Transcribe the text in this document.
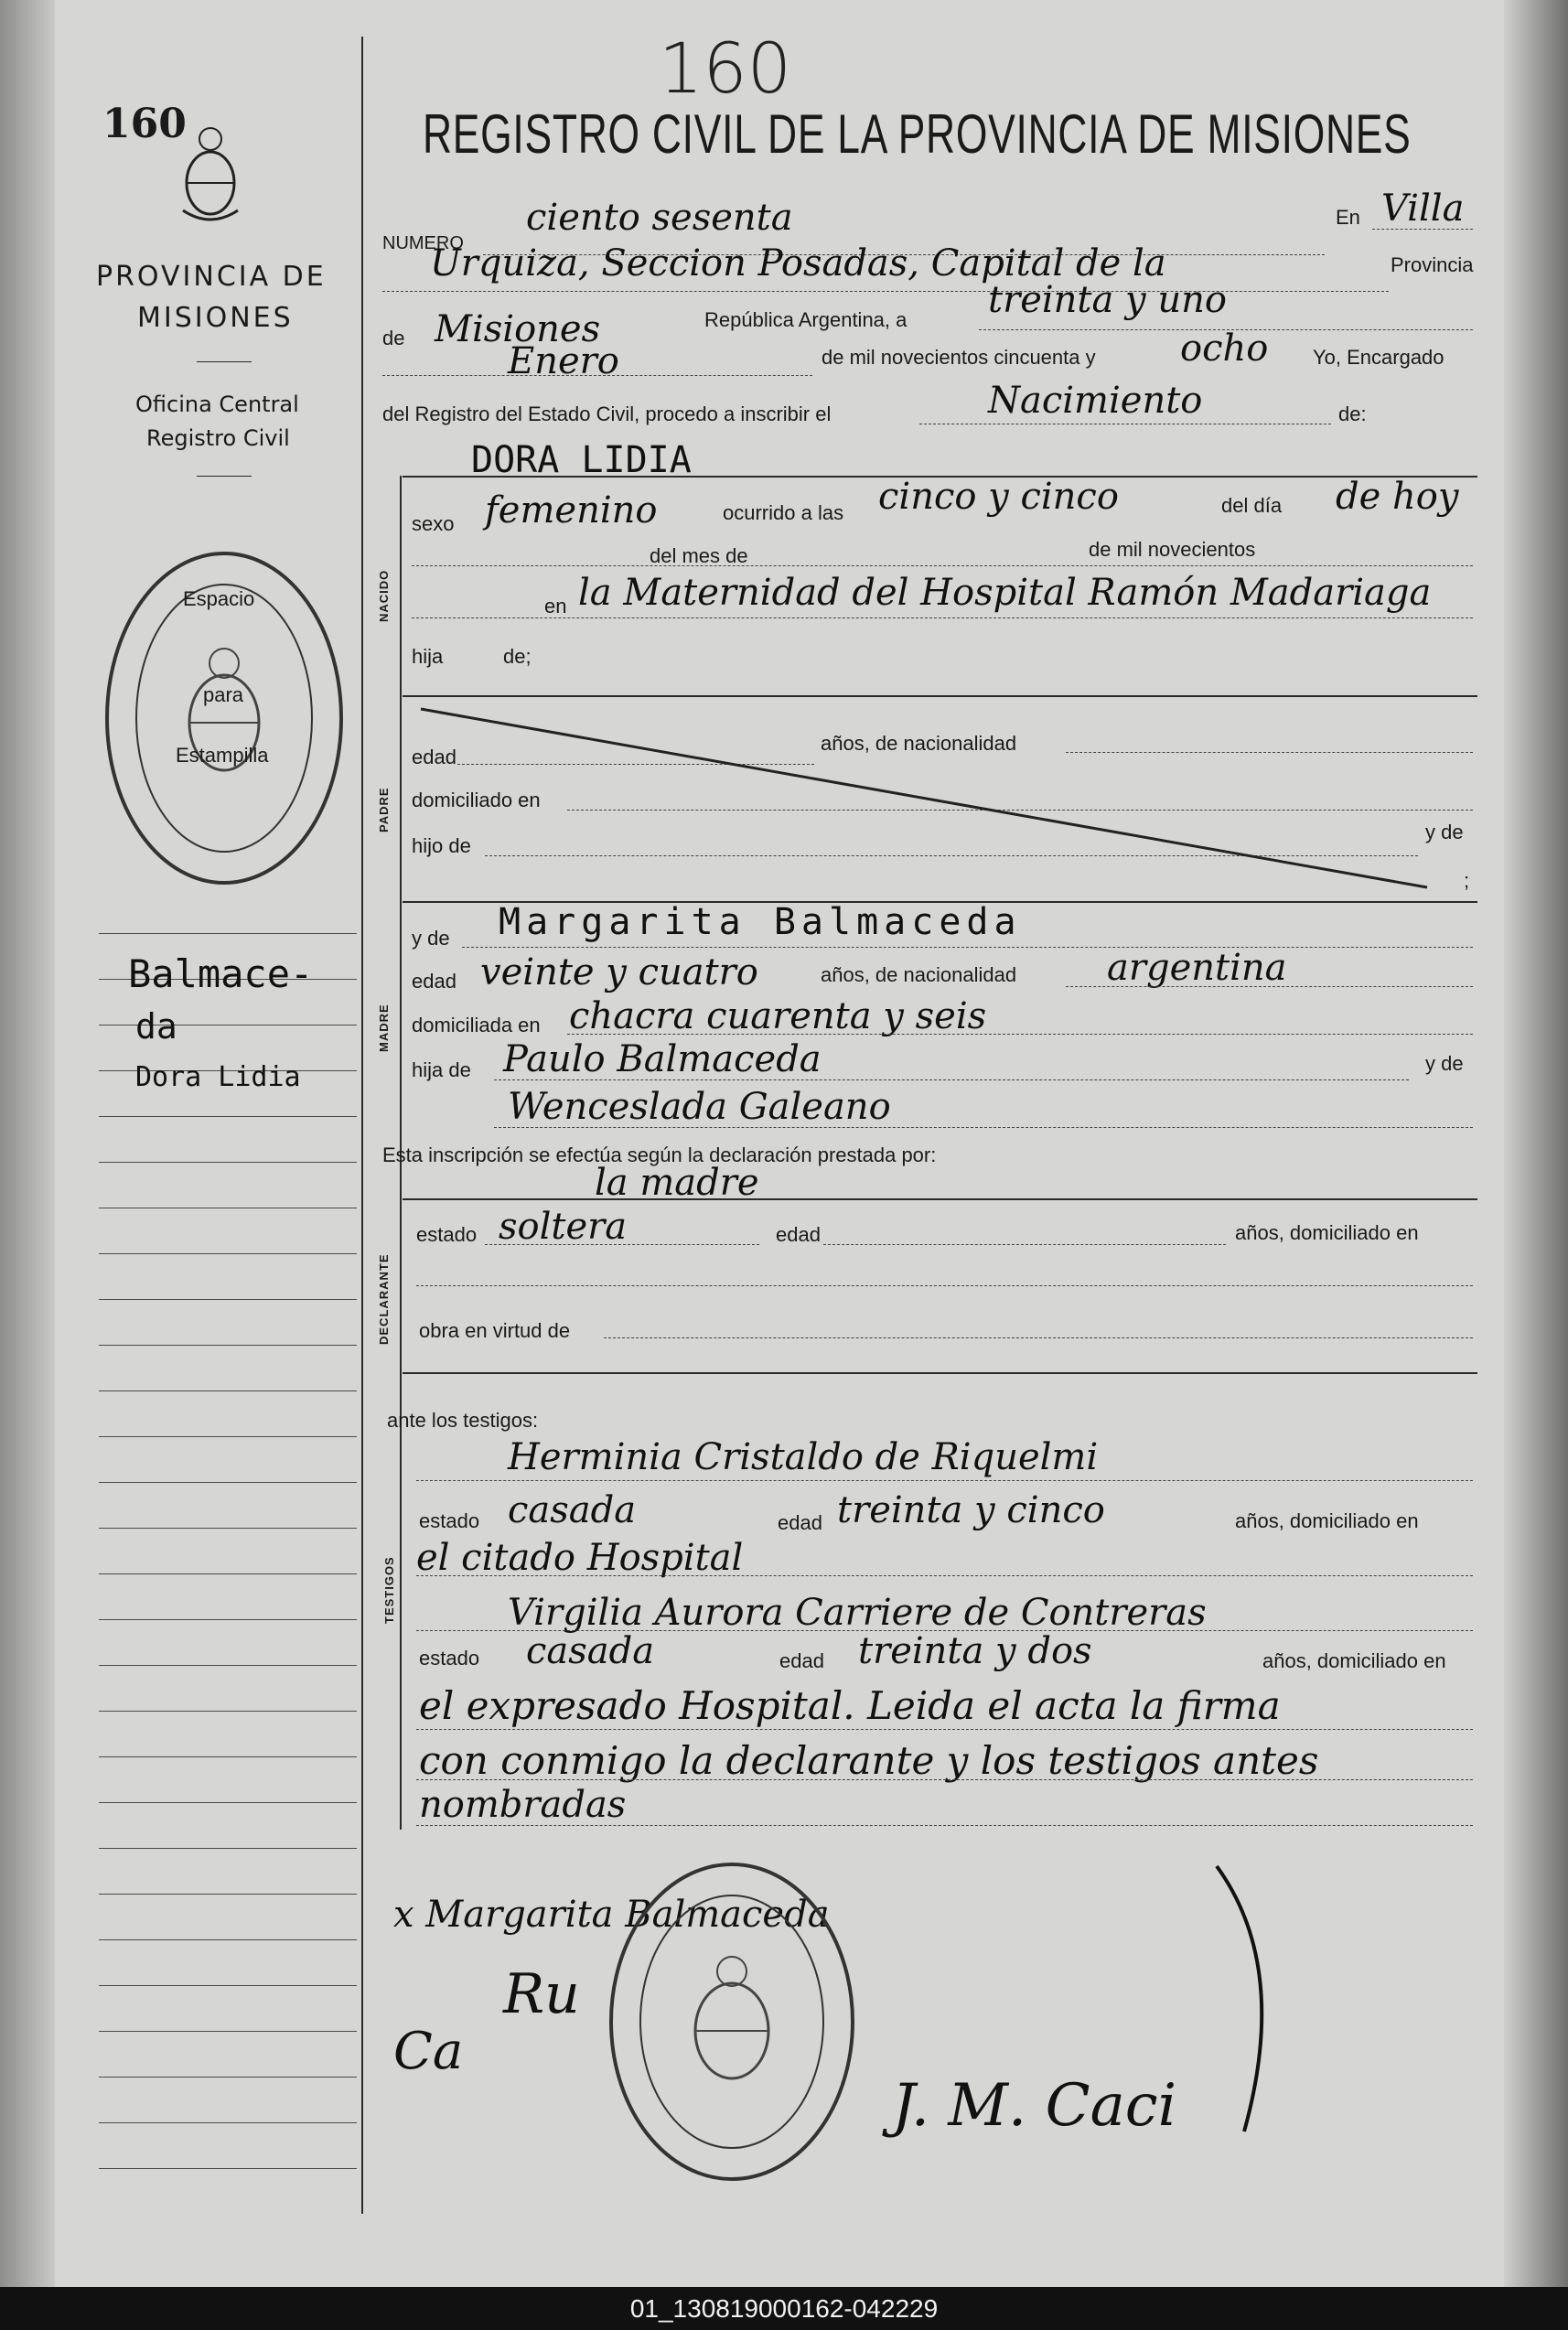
160
160
PROVINCIA DE
MISIONES
Oficina Central
Registro Civil
Espacio
para
Estampilla
Balmace-
da
Dora Lidia
REGISTRO CIVIL DE LA PROVINCIA DE MISIONES
NUMERO
ciento sesenta	En Villa
Urquiza, Seccion Posadas, Capital de la	Provincia
de Misiones	República Argentina, a treinta y uno
Enero	de mil novecientos cincuenta y ocho Yo, Encargado
del Registro del Estado Civil, procedo a inscribir el	Nacimiento	de:
DORA LIDIA
NACIDO
sexo femenino	ocurrido a las cinco y cinco	del día de hoy
del mes de	de mil novecientos
en la Maternidad del Hospital Ramón Madariaga
hija	de;
PADRE
edad
años, de nacionalidad
domiciliado en
y de
hijo de
;
MADRE
y de Margarita Balmaceda
edad veinte y cuatro	años, de nacionalidad argentina
domiciliada en chacra cuarenta y seis
hija de Paulo Balmaceda	y de
Wenceslada Galeano
Esta inscripción se efectúa según la declaración prestada por:
la madre
DECLARANTE
estado soltera	edad	años, domiciliado en
obra en virtud de
ante los testigos:
TESTIGOS
Herminia Cristaldo de Riquelmi
estado casada	edad treinta y cinco	años, domiciliado en
el citado Hospital
Virgilia Aurora Carriere de Contreras
estado casada	edad treinta y dos	años, domiciliado en
el expresado Hospital. Leida el acta la firma
con conmigo la declarante y los testigos antes
nombradas
x Margarita Balmaceda
Ru
Ca
J. M. Caci
01_130819000162-042229
